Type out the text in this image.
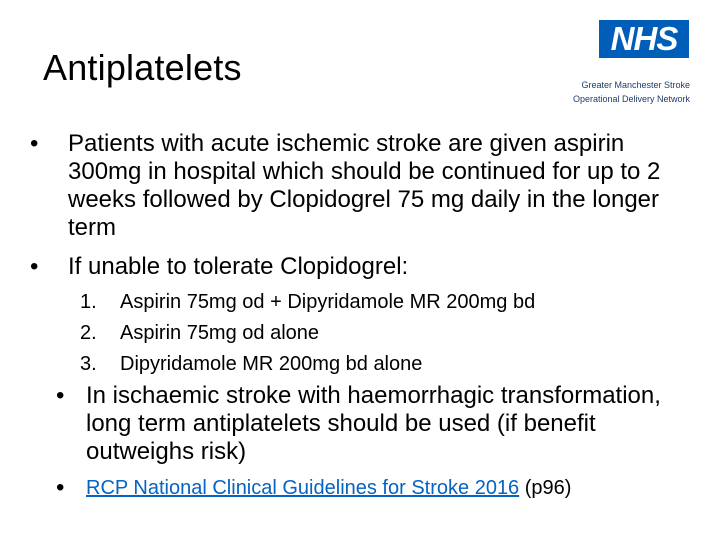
Antiplatelets
NHS
Greater Manchester Stroke
Operational Delivery Network
• Patients with acute ischemic stroke are given aspirin 300mg in hospital which should be continued for up to 2 weeks followed by Clopidogrel 75 mg daily in the longer term
• If unable to tolerate Clopidogrel:
1. Aspirin 75mg od + Dipyridamole MR 200mg bd
2. Aspirin 75mg od alone
3. Dipyridamole MR 200mg bd alone
• In ischaemic stroke with haemorrhagic transformation, long term antiplatelets should be used (if benefit outweighs risk)
• RCP National Clinical Guidelines for Stroke 2016 (p96)
